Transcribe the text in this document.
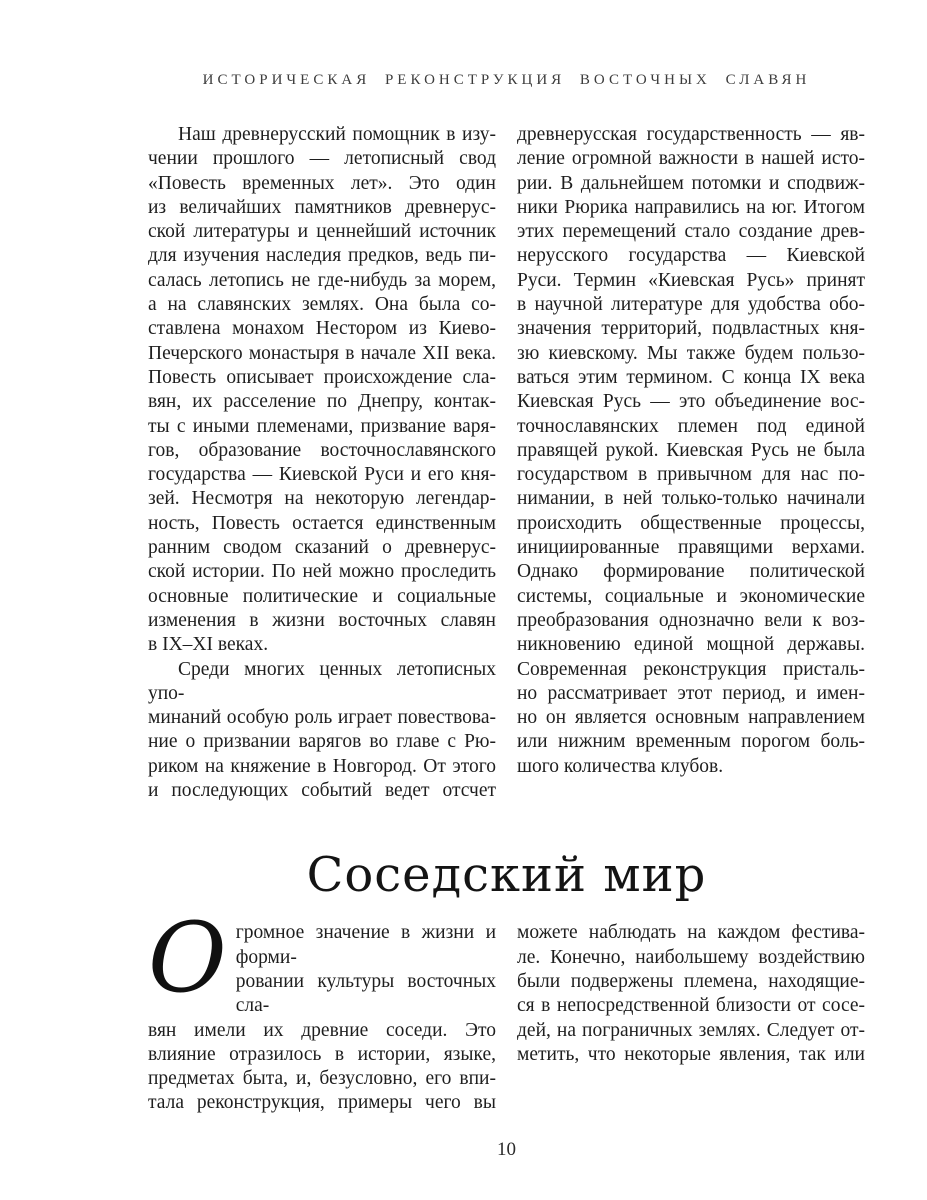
ИСТОРИЧЕСКАЯ РЕКОНСТРУКЦИЯ ВОСТОЧНЫХ СЛАВЯН
Наш древнерусский помощник в изу-
чении прошлого — летописный свод
«Повесть временных лет». Это один
из величайших памятников древнерус-
ской литературы и ценнейший источник
для изучения наследия предков, ведь пи-
салась летопись не где-нибудь за морем,
а на славянских землях. Она была со-
ставлена монахом Нестором из Киево-
Печерского монастыря в начале XII века.
Повесть описывает происхождение сла-
вян, их расселение по Днепру, контак-
ты с иными племенами, призвание варя-
гов, образование восточнославянского
государства — Киевской Руси и его кня-
зей. Несмотря на некоторую легендар-
ность, Повесть остается единственным
ранним сводом сказаний о древнерус-
ской истории. По ней можно проследить
основные политические и социальные
изменения в жизни восточных славян
в IX–XI веках.
Среди многих ценных летописных упо-
минаний особую роль играет повествова-
ние о призвании варягов во главе с Рю-
риком на княжение в Новгород. От этого
и последующих событий ведет отсчет
древнерусская государственность — яв-
ление огромной важности в нашей исто-
рии. В дальнейшем потомки и сподвиж-
ники Рюрика направились на юг. Итогом
этих перемещений стало создание древ-
нерусского государства — Киевской
Руси. Термин «Киевская Русь» принят
в научной литературе для удобства обо-
значения территорий, подвластных кня-
зю киевскому. Мы также будем пользо-
ваться этим термином. С конца IX века
Киевская Русь — это объединение вос-
точнославянских племен под единой
правящей рукой. Киевская Русь не была
государством в привычном для нас по-
нимании, в ней только-только начинали
происходить общественные процессы,
инициированные правящими верхами.
Однако формирование политической
системы, социальные и экономические
преобразования однозначно вели к воз-
никновению единой мощной державы.
Современная реконструкция присталь-
но рассматривает этот период, и имен-
но он является основным направлением
или нижним временным порогом боль-
шого количества клубов.
Соседский мир
О громное значение в жизни и форми-
ровании культуры восточных сла-
вян имели их древние соседи. Это
влияние отразилось в истории, языке,
предметах быта, и, безусловно, его впи-
тала реконструкция, примеры чего вы
можете наблюдать на каждом фестива-
ле. Конечно, наибольшему воздействию
были подвержены племена, находящие-
ся в непосредственной близости от сосе-
дей, на пограничных землях. Следует от-
метить, что некоторые явления, так или
10
